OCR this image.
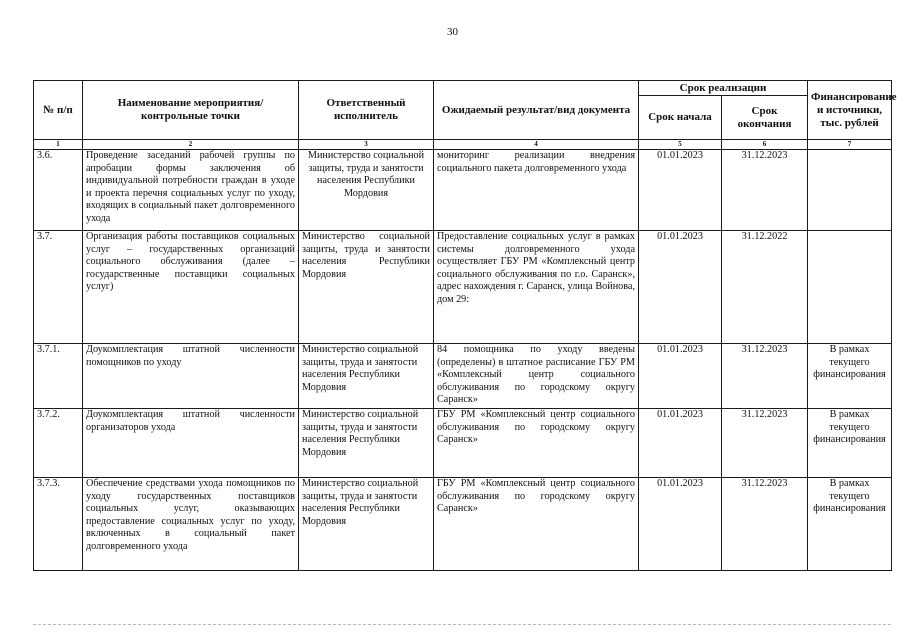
30
№ п/п	Наименование мероприятия/ контрольные точки	Ответственный исполнитель	Ожидаемый результат/вид документа	Срок реализации		Финансирование и источники, тыс. рублей
				Срок начала	Срок окончания	
1	2	3	4	5	6	7
3.6.	Проведение заседаний рабочей группы по апробации формы заключения об индивидуальной потребности граждан в уходе и проекта перечня социальных услуг по уходу, входящих в социальный пакет долговременного ухода	Министерство социальной защиты, труда и занятости населения Республики Мордовия	мониторинг реализации внедрения социального пакета долговременного ухода	01.01.2023	31.12.2023	
3.7.	Организация работы поставщиков социальных услуг – государственных организаций социального обслуживания (далее – государственные поставщики социальных услуг)	Министерство социальной защиты, труда и занятости населения Республики Мордовия	Предоставление социальных услуг в рамках системы долговременного ухода осуществляет ГБУ РМ «Комплексный центр социального обслуживания по г.о. Саранск», адрес нахождения г. Саранск, улица Войнова, дом 29:	01.01.2023	31.12.2022	
3.7.1.	Доукомплектация штатной численности помощников по уходу	Министерство социальной защиты, труда и занятости населения Республики Мордовия	84 помощника по уходу введены (определены) в штатное расписание ГБУ РМ «Комплексный центр социального обслуживания по городскому округу Саранск»	01.01.2023	31.12.2023	В рамках текущего финансирования
3.7.2.	Доукомплектация штатной численности организаторов ухода	Министерство социальной защиты, труда и занятости населения Республики Мордовия	ГБУ РМ «Комплексный центр социального обслуживания по городскому округу Саранск»	01.01.2023	31.12.2023	В рамках текущего финансирования
3.7.3.	Обеспечение средствами ухода помощников по уходу государственных поставщиков социальных услуг, оказывающих предоставление социальных услуг по уходу, включенных в социальный пакет долговременного ухода	Министерство социальной защиты, труда и занятости населения Республики Мордовия	ГБУ РМ «Комплексный центр социального обслуживания по городскому округу Саранск»	01.01.2023	31.12.2023	В рамках текущего финансирования
